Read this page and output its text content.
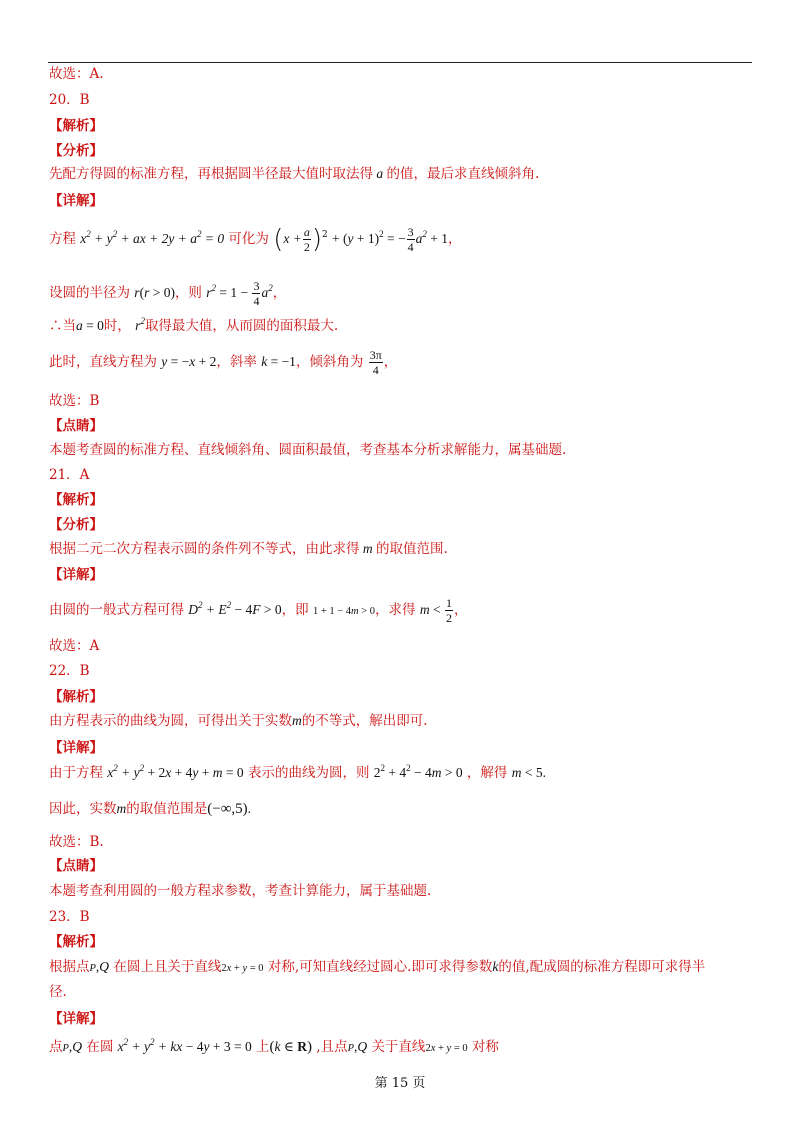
故选：A.
20．B
【解析】
【分析】
先配方得圆的标准方程，再根据圆半径最大值时取法得 a 的值，最后求直线倾斜角.
【详解】
方程 $x^2 + y^2$ + ax + $2y + a^2 = 0$ 可化为 $(x + \frac{a}{2} )^2 + (y + 1)^2$ = − $\frac{3}{4} a^2 + 1$，
设圆的半径为 r(r > 0)，则 $r^2 = 1 - \frac{3}{4} a^2$，
∴当a = 0时， $r^2$取得最大值，从而圆的面积最大.
此时，直线方程为 y = −x + 2，斜率 k = −1，倾斜角为 $\frac{3\pi}{4}$ ，
故选：B
【点睛】
本题考查圆的标准方程、直线倾斜角、圆面积最值，考查基本分析求解能力，属基础题.
21．A
【解析】
【分析】
根据二元二次方程表示圆的条件列不等式，由此求得 m 的取值范围.
【详解】
由圆的一般式方程可得 $D^2 + E^2 - 4F > 0$，即 1 + 1 − 4m > 0，求得 $m < \frac{1}{2}$ ，
故选：A
22．B
【解析】
由方程表示的曲线为圆，可得出关于实数m的不等式，解出即可.
【详解】
由于方程 $x^2 + y^2 + 2x + 4y + m = 0$ 表示的曲线为圆，则 $2^2 + 4^2 - 4m > 0$ ，解得 m < 5.
因此，实数m的取值范围是(−∞,5).
故选：B.
【点睛】
本题考查利用圆的一般方程求参数，考查计算能力，属于基础题.
23．B
【解析】
根据点P,Q 在圆上且关于直线2x + y = 0 对称,可知直线经过圆心.即可求得参数k的值,配成圆的标准方程即可求得半
径.
【详解】
点P,Q 在圆 $x^2 + y^2$ + kx − 4y + 3 = 0 上(k ∈ R) ,且点P,Q 关于直线2x + y = 0 对称
第 15 页
